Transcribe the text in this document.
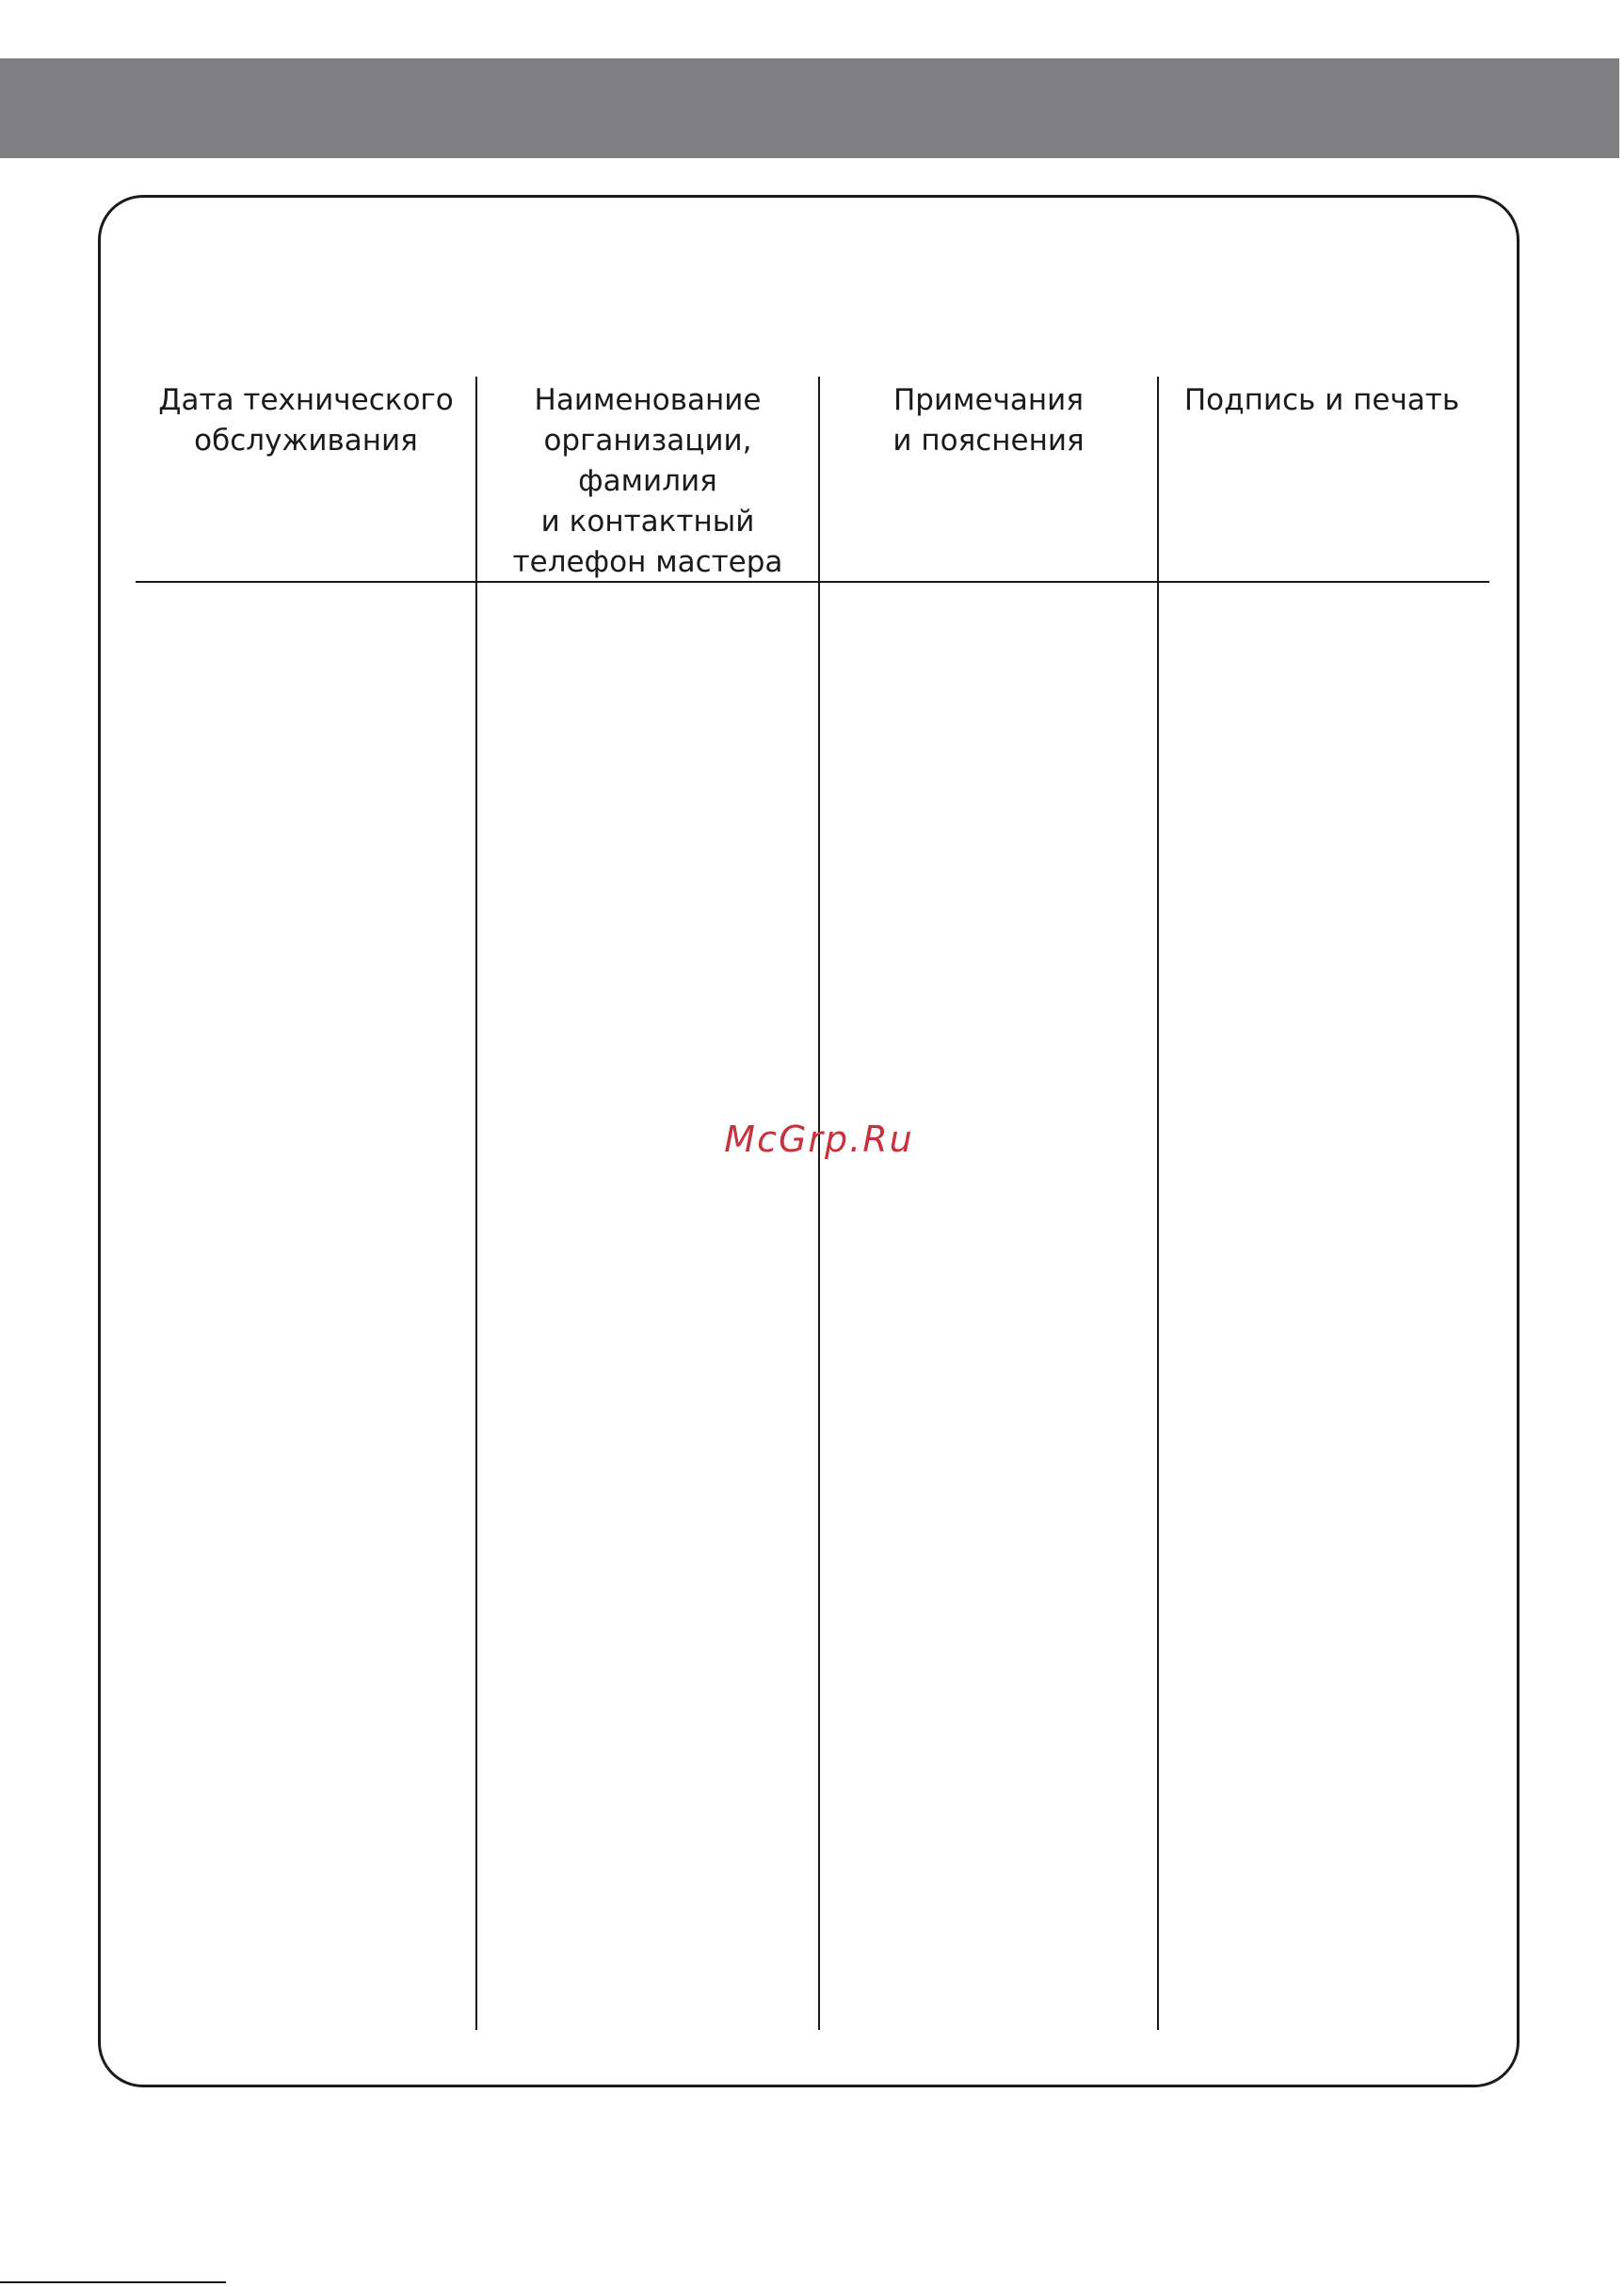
Дата технического
обслуживания
Наименование
организации,
фамилия
и контактный
телефон мастера
Примечания
и пояснения
Подпись и печать
McGrp.Ru
